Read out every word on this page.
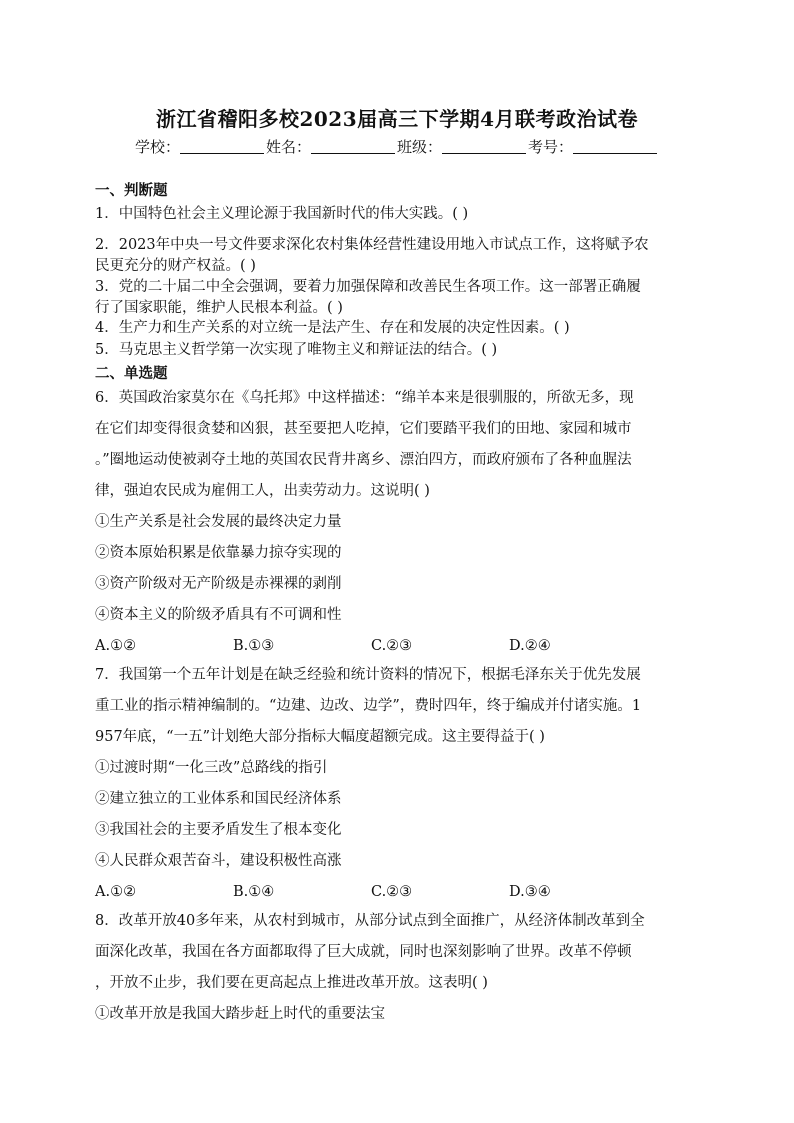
浙江省稽阳多校2023届高三下学期4月联考政治试卷
学校：	姓名：	班级：	考号：
一、判断题
1．中国特色社会主义理论源于我国新时代的伟大实践。( )
2．2023年中央一号文件要求深化农村集体经营性建设用地入市试点工作，这将赋予农
民更充分的财产权益。( )
3．党的二十届二中全会强调，要着力加强保障和改善民生各项工作。这一部署正确履
行了国家职能，维护人民根本利益。( )
4．生产力和生产关系的对立统一是法产生、存在和发展的决定性因素。( )
5．马克思主义哲学第一次实现了唯物主义和辩证法的结合。( )
二、单选题
6．英国政治家莫尔在《乌托邦》中这样描述：“绵羊本来是很驯服的，所欲无多，现
在它们却变得很贪婪和凶狠，甚至要把人吃掉，它们要踏平我们的田地、家园和城市
。”圈地运动使被剥夺土地的英国农民背井离乡、漂泊四方，而政府颁布了各种血腥法
律，强迫农民成为雇佣工人，出卖劳动力。这说明( )
①生产关系是社会发展的最终决定力量
②资本原始积累是依靠暴力掠夺实现的
③资产阶级对无产阶级是赤裸裸的剥削
④资本主义的阶级矛盾具有不可调和性
A.①②	B.①③	C.②③	D.②④
7．我国第一个五年计划是在缺乏经验和统计资料的情况下，根据毛泽东关于优先发展
重工业的指示精神编制的。“边建、边改、边学”，费时四年，终于编成并付诸实施。1
957年底，“一五”计划绝大部分指标大幅度超额完成。这主要得益于( )
①过渡时期“一化三改”总路线的指引
②建立独立的工业体系和国民经济体系
③我国社会的主要矛盾发生了根本变化
④人民群众艰苦奋斗，建设积极性高涨
A.①②	B.①④	C.②③	D.③④
8．改革开放40多年来，从农村到城市，从部分试点到全面推广，从经济体制改革到全
面深化改革，我国在各方面都取得了巨大成就，同时也深刻影响了世界。改革不停顿
，开放不止步，我们要在更高起点上推进改革开放。这表明( )
①改革开放是我国大踏步赶上时代的重要法宝
